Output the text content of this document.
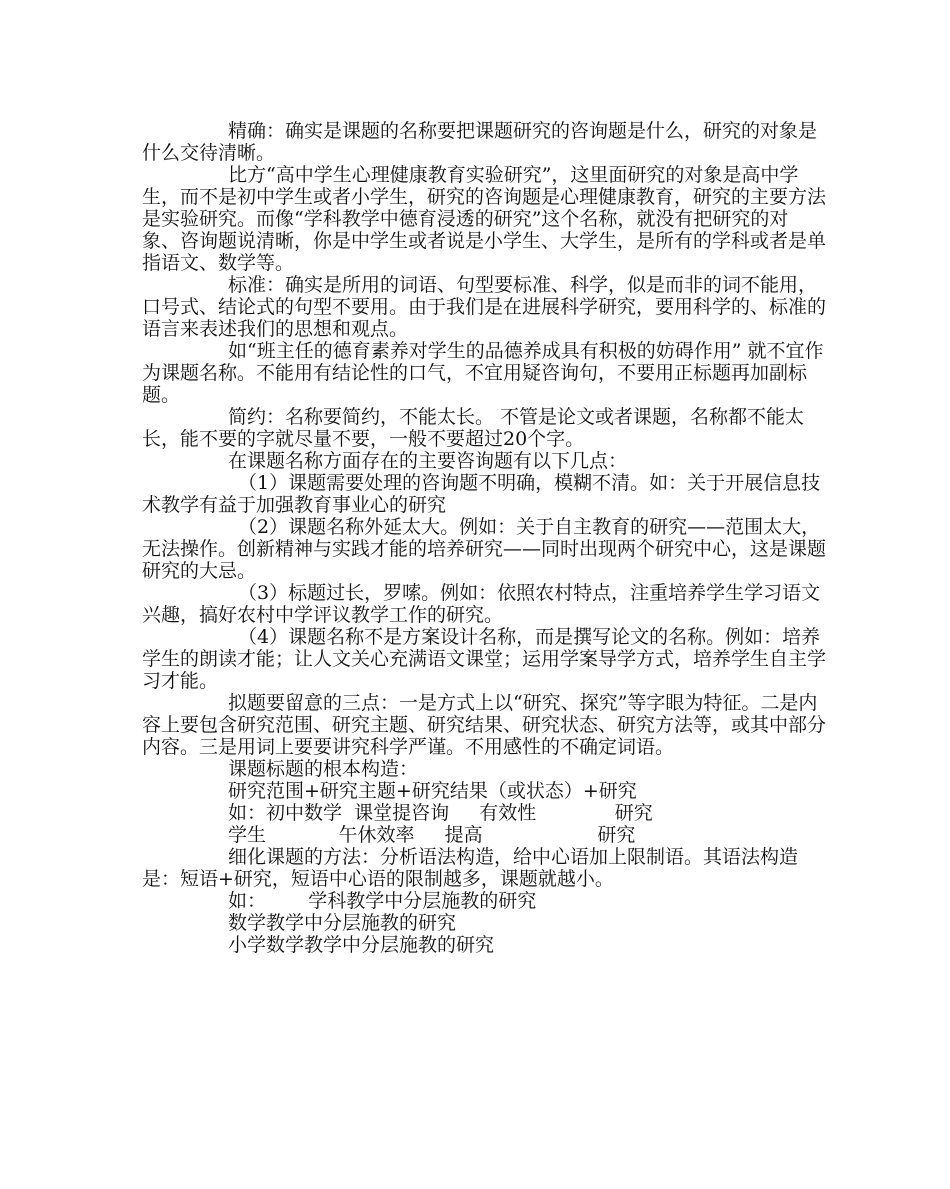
精确：确实是课题的名称要把课题研究的咨询题是什么，研究的对象是什么交待清晰。

比方“高中学生心理健康教育实验研究”，这里面研究的对象是高中学生，而不是初中学生或者小学生，研究的咨询题是心理健康教育，研究的主要方法是实验研究。而像“学科教学中德育浸透的研究”这个名称，就没有把研究的对象、咨询题说清晰，你是中学生或者说是小学生、大学生，是所有的学科或者是单指语文、数学等。

标准：确实是所用的词语、句型要标准、科学，似是而非的词不能用，口号式、结论式的句型不要用。由于我们是在进展科学研究，要用科学的、标准的语言来表述我们的思想和观点。

如“班主任的德育素养对学生的品德养成具有积极的妨碍作用” 就不宜作为课题名称。不能用有结论性的口气，不宜用疑咨询句，不要用正标题再加副标题。

简约：名称要简约，不能太长。 不管是论文或者课题，名称都不能太长，能不要的字就尽量不要，一般不要超过20个字。

在课题名称方面存在的主要咨询题有以下几点：

（1）课题需要处理的咨询题不明确，模糊不清。如：关于开展信息技术教学有益于加强教育事业心的研究

（2）课题名称外延太大。例如：关于自主教育的研究——范围太大，无法操作。创新精神与实践才能的培养研究——同时出现两个研究中心，这是课题研究的大忌。

（3）标题过长，罗嗦。例如：依照农村特点，注重培养学生学习语文兴趣，搞好农村中学评议教学工作的研究。

（4）课题名称不是方案设计名称，而是撰写论文的名称。例如：培养学生的朗读才能；让人文关心充满语文课堂；运用学案导学方式，培养学生自主学习才能。

拟题要留意的三点：一是方式上以“研究、探究”等字眼为特征。二是内容上要包含研究范围、研究主题、研究结果、研究状态、研究方法等，或其中部分内容。三是用词上要要讲究科学严谨。不用感性的不确定词语。

课题标题的根本构造：

研究范围+研究主题+研究结果（或状态）+研究

如：初中数学  课堂提咨询     有效性             研究

学生            午休效率     提高                   研究

细化课题的方法：分析语法构造，给中心语加上限制语。其语法构造是：短语+研究，短语中心语的限制越多，课题就越小。

如：       学科教学中分层施教的研究

数学教学中分层施教的研究

小学数学教学中分层施教的研究
